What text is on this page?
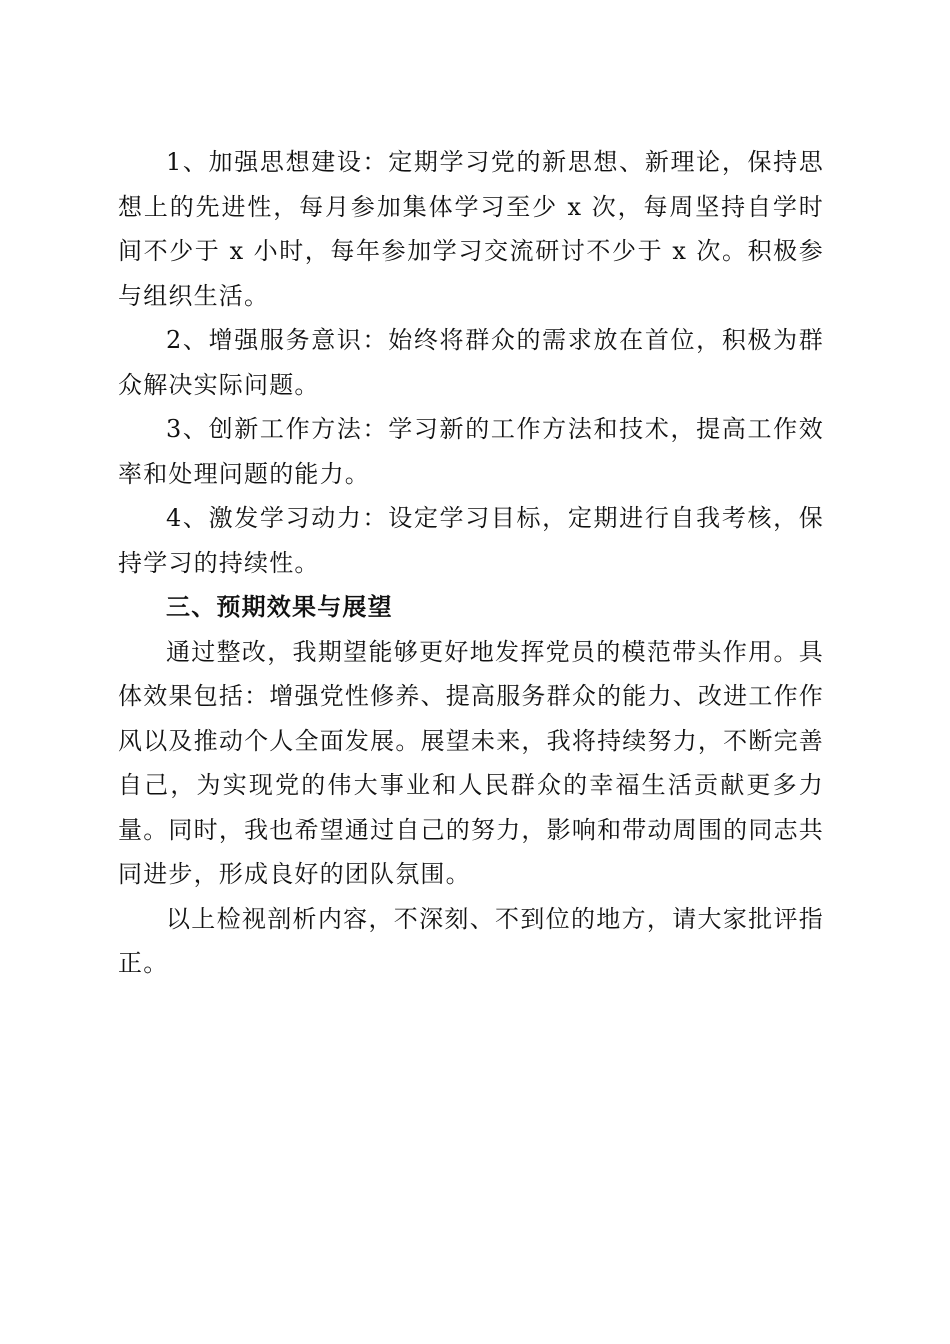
1、加强思想建设：定期学习党的新思想、新理论，保持思想上的先进性，每月参加集体学习至少 x 次，每周坚持自学时间不少于 x 小时，每年参加学习交流研讨不少于 x 次。积极参与组织生活。

2、增强服务意识：始终将群众的需求放在首位，积极为群众解决实际问题。

3、创新工作方法：学习新的工作方法和技术，提高工作效率和处理问题的能力。

4、激发学习动力：设定学习目标，定期进行自我考核，保持学习的持续性。

三、预期效果与展望

通过整改，我期望能够更好地发挥党员的模范带头作用。具体效果包括：增强党性修养、提高服务群众的能力、改进工作作风以及推动个人全面发展。展望未来，我将持续努力，不断完善自己，为实现党的伟大事业和人民群众的幸福生活贡献更多力量。同时，我也希望通过自己的努力，影响和带动周围的同志共同进步，形成良好的团队氛围。

以上检视剖析内容，不深刻、不到位的地方，请大家批评指正。
